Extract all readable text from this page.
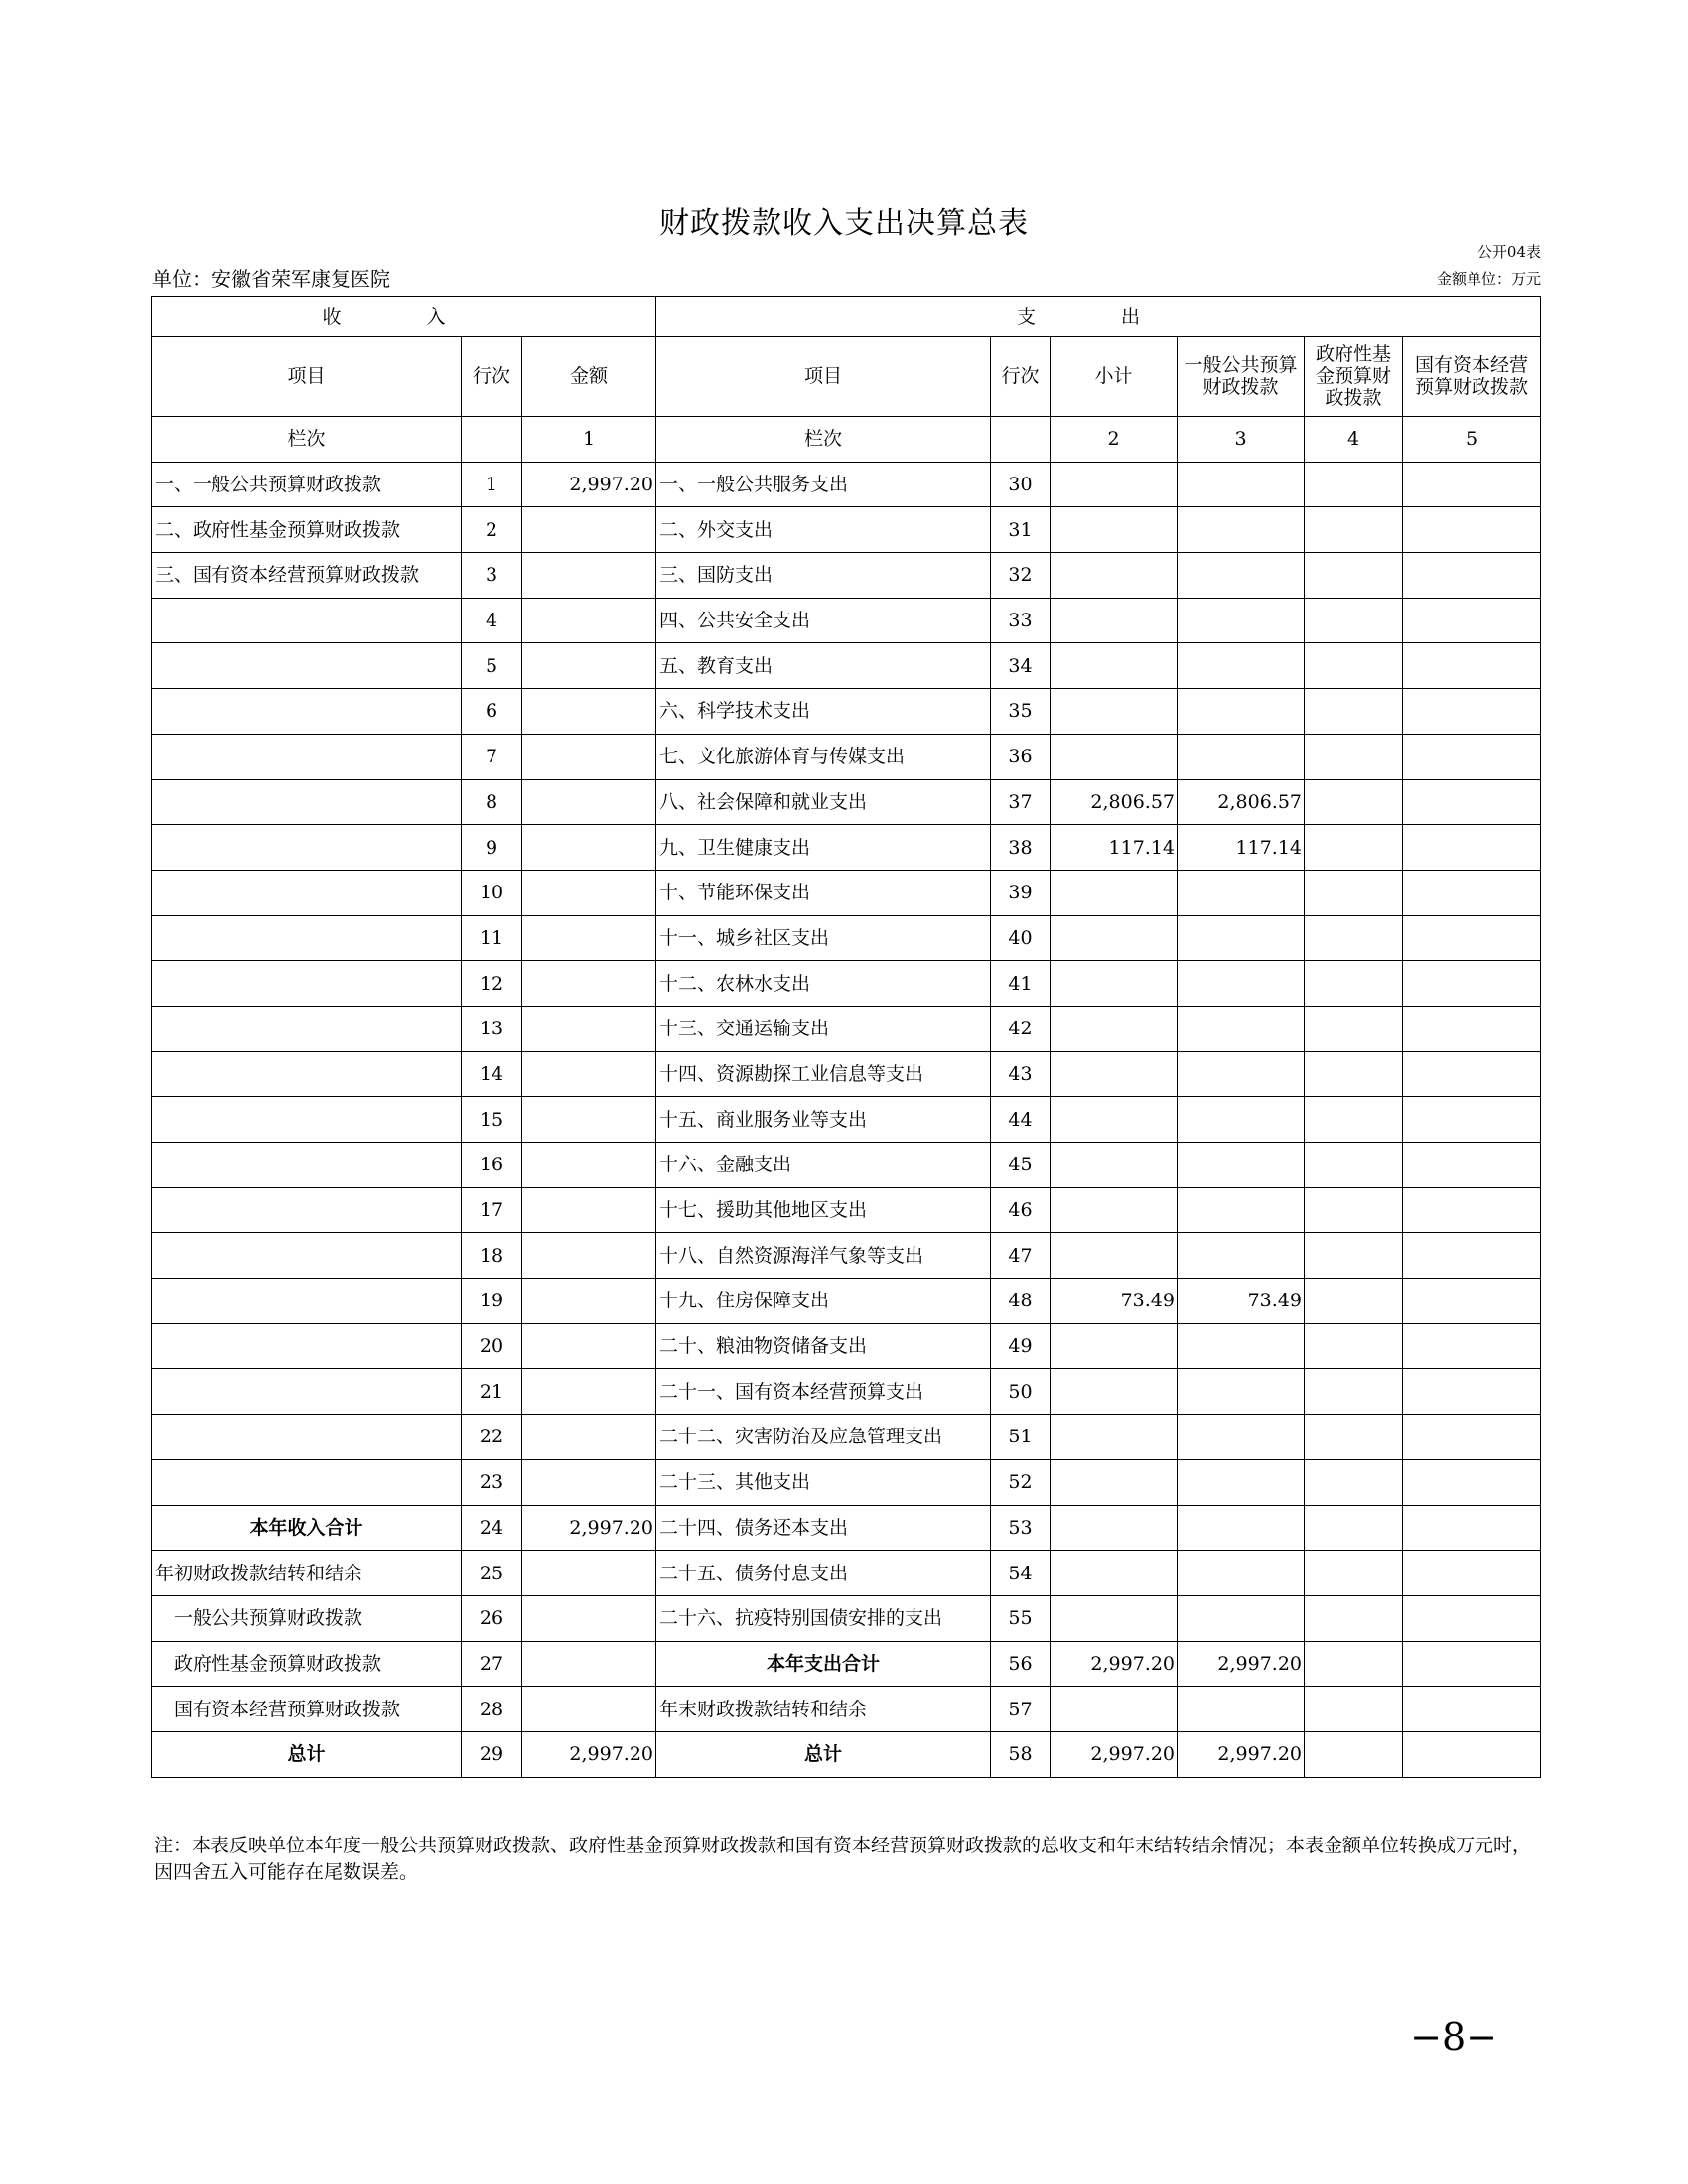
财政拨款收入支出决算总表
公开04表
单位：安徽省荣军康复医院	金额单位：万元
收 入			支 出					
项目	行次	金额	项目	行次	小计	一般公共预算财政拨款	政府性基金预算财政拨款	国有资本经营预算财政拨款
栏次		1	栏次		2	3	4	5
一、一般公共预算财政拨款	1	2,997.20	一、一般公共服务支出	30				
二、政府性基金预算财政拨款	2		二、外交支出	31				
三、国有资本经营预算财政拨款	3		三、国防支出	32				
	4		四、公共安全支出	33				
	5		五、教育支出	34				
	6		六、科学技术支出	35				
	7		七、文化旅游体育与传媒支出	36				
	8		八、社会保障和就业支出	37	2,806.57	2,806.57		
	9		九、卫生健康支出	38	117.14	117.14		
	10		十、节能环保支出	39				
	11		十一、城乡社区支出	40				
	12		十二、农林水支出	41				
	13		十三、交通运输支出	42				
	14		十四、资源勘探工业信息等支出	43				
	15		十五、商业服务业等支出	44				
	16		十六、金融支出	45				
	17		十七、援助其他地区支出	46				
	18		十八、自然资源海洋气象等支出	47				
	19		十九、住房保障支出	48	73.49	73.49		
	20		二十、粮油物资储备支出	49				
	21		二十一、国有资本经营预算支出	50				
	22		二十二、灾害防治及应急管理支出	51				
	23		二十三、其他支出	52				
本年收入合计	24	2,997.20	二十四、债务还本支出	53				
年初财政拨款结转和结余	25		二十五、债务付息支出	54				
一般公共预算财政拨款	26		二十六、抗疫特别国债安排的支出	55				
政府性基金预算财政拨款	27		本年支出合计	56	2,997.20	2,997.20		
国有资本经营预算财政拨款	28		年末财政拨款结转和结余	57				
总计	29	2,997.20	总计	58	2,997.20	2,997.20		
注：本表反映单位本年度一般公共预算财政拨款、政府性基金预算财政拨款和国有资本经营预算财政拨款的总收支和年末结转结余情况；本表金额单位转换成万元时，因四舍五入可能存在尾数误差。
−8−
